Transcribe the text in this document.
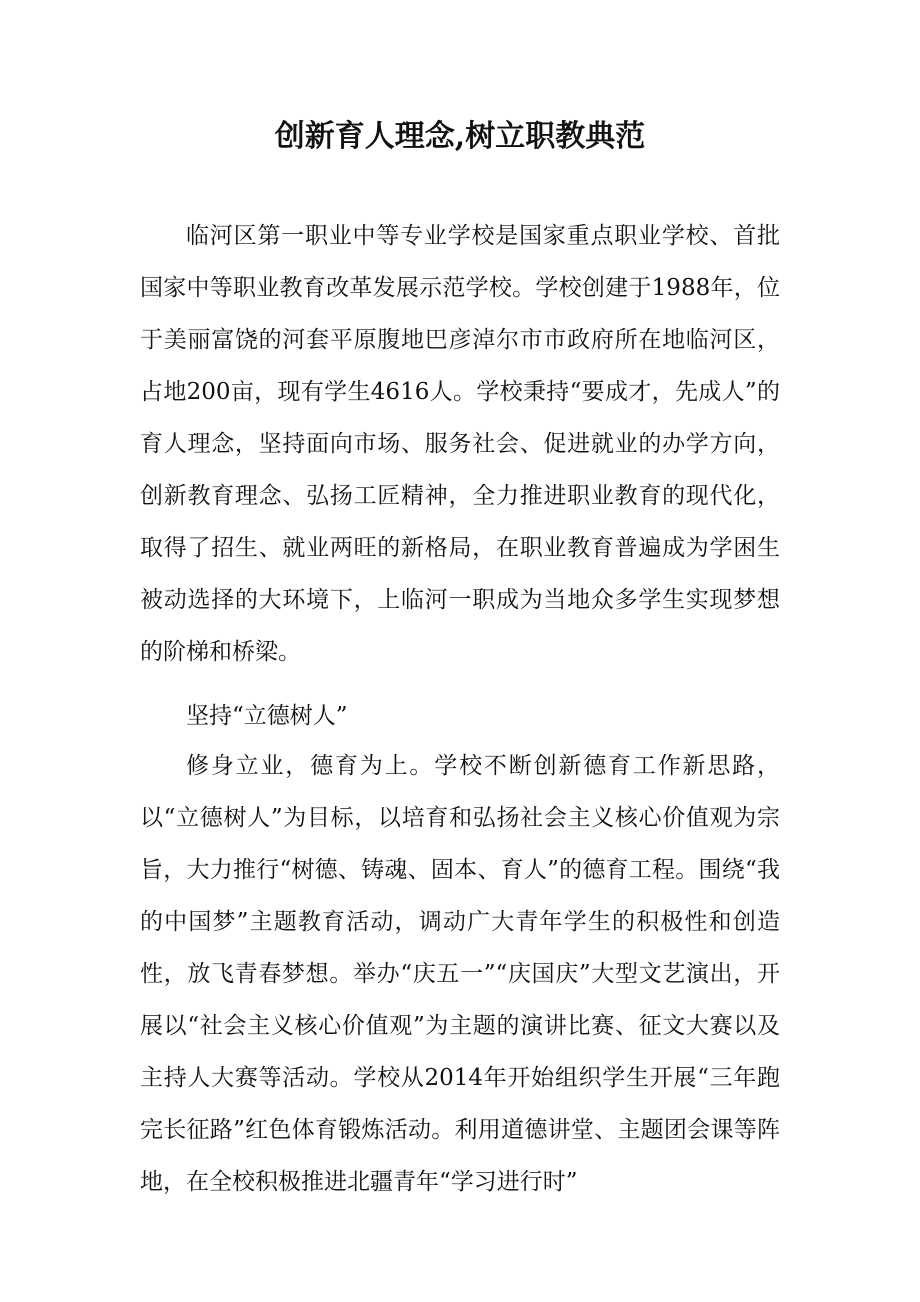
创新育人理念,树立职教典范

临河区第一职业中等专业学校是国家重点职业学校、首批国家中等职业教育改革发展示范学校。学校创建于1988年，位于美丽富饶的河套平原腹地巴彦淖尔市市政府所在地临河区，占地200亩，现有学生4616人。学校秉持“要成才，先成人”的育人理念，坚持面向市场、服务社会、促进就业的办学方向，创新教育理念、弘扬工匠精神，全力推进职业教育的现代化，取得了招生、就业两旺的新格局，在职业教育普遍成为学困生被动选择的大环境下，上临河一职成为当地众多学生实现梦想的阶梯和桥梁。

坚持“立德树人”

修身立业，德育为上。学校不断创新德育工作新思路，以“立德树人”为目标，以培育和弘扬社会主义核心价值观为宗旨，大力推行“树德、铸魂、固本、育人”的德育工程。围绕“我的中国梦”主题教育活动，调动广大青年学生的积极性和创造性，放飞青春梦想。举办“庆五一”“庆国庆”大型文艺演出，开展以“社会主义核心价值观”为主题的演讲比赛、征文大赛以及主持人大赛等活动。学校从2014年开始组织学生开展“三年跑完长征路”红色体育锻炼活动。利用道德讲堂、主题团会课等阵地，在全校积极推进北疆青年“学习进行时”
